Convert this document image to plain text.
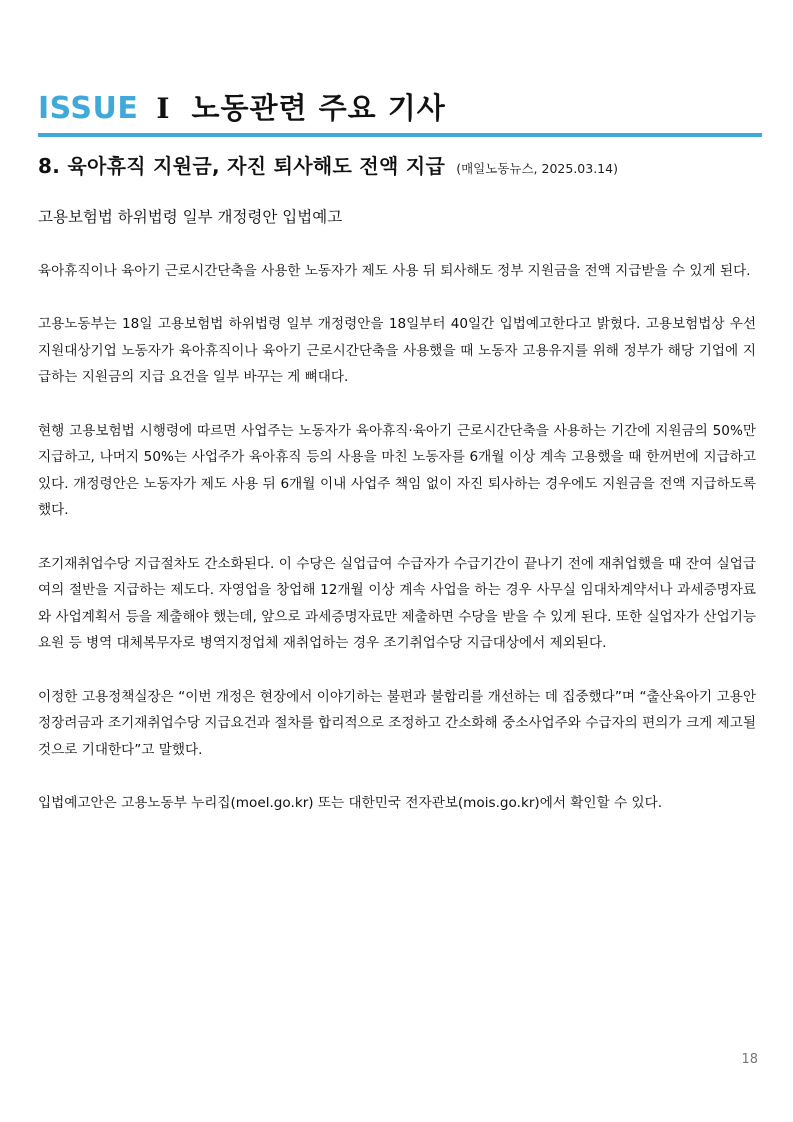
ISSUE Ⅰ 노동관련 주요 기사
8. 육아휴직 지원금, 자진 퇴사해도 전액 지급 (매일노동뉴스, 2025.03.14)
고용보험법 하위법령 일부 개정령안 입법예고

육아휴직이나 육아기 근로시간단축을 사용한 노동자가 제도 사용 뒤 퇴사해도 정부 지원금을 전액 지급받을 수 있게 된다.

고용노동부는 18일 고용보험법 하위법령 일부 개정령안을 18일부터 40일간 입법예고한다고 밝혔다. 고용보험법상 우선지원대상기업 노동자가 육아휴직이나 육아기 근로시간단축을 사용했을 때 노동자 고용유지를 위해 정부가 해당 기업에 지급하는 지원금의 지급 요건을 일부 바꾸는 게 뼈대다.

현행 고용보험법 시행령에 따르면 사업주는 노동자가 육아휴직·육아기 근로시간단축을 사용하는 기간에 지원금의 50%만 지급하고, 나머지 50%는 사업주가 육아휴직 등의 사용을 마친 노동자를 6개월 이상 계속 고용했을 때 한꺼번에 지급하고 있다. 개정령안은 노동자가 제도 사용 뒤 6개월 이내 사업주 책임 없이 자진 퇴사하는 경우에도 지원금을 전액 지급하도록 했다.

조기재취업수당 지급절차도 간소화된다. 이 수당은 실업급여 수급자가 수급기간이 끝나기 전에 재취업했을 때 잔여 실업급여의 절반을 지급하는 제도다. 자영업을 창업해 12개월 이상 계속 사업을 하는 경우 사무실 임대차계약서나 과세증명자료와 사업계획서 등을 제출해야 했는데, 앞으로 과세증명자료만 제출하면 수당을 받을 수 있게 된다. 또한 실업자가 산업기능요원 등 병역 대체복무자로 병역지정업체 재취업하는 경우 조기취업수당 지급대상에서 제외된다.

이정한 고용정책실장은 “이번 개정은 현장에서 이야기하는 불편과 불합리를 개선하는 데 집중했다”며 “출산육아기 고용안정장려금과 조기재취업수당 지급요건과 절차를 합리적으로 조정하고 간소화해 중소사업주와 수급자의 편의가 크게 제고될 것으로 기대한다”고 말했다.

입법예고안은 고용노동부 누리집(moel.go.kr) 또는 대한민국 전자관보(mois.go.kr)에서 확인할 수 있다.

18
